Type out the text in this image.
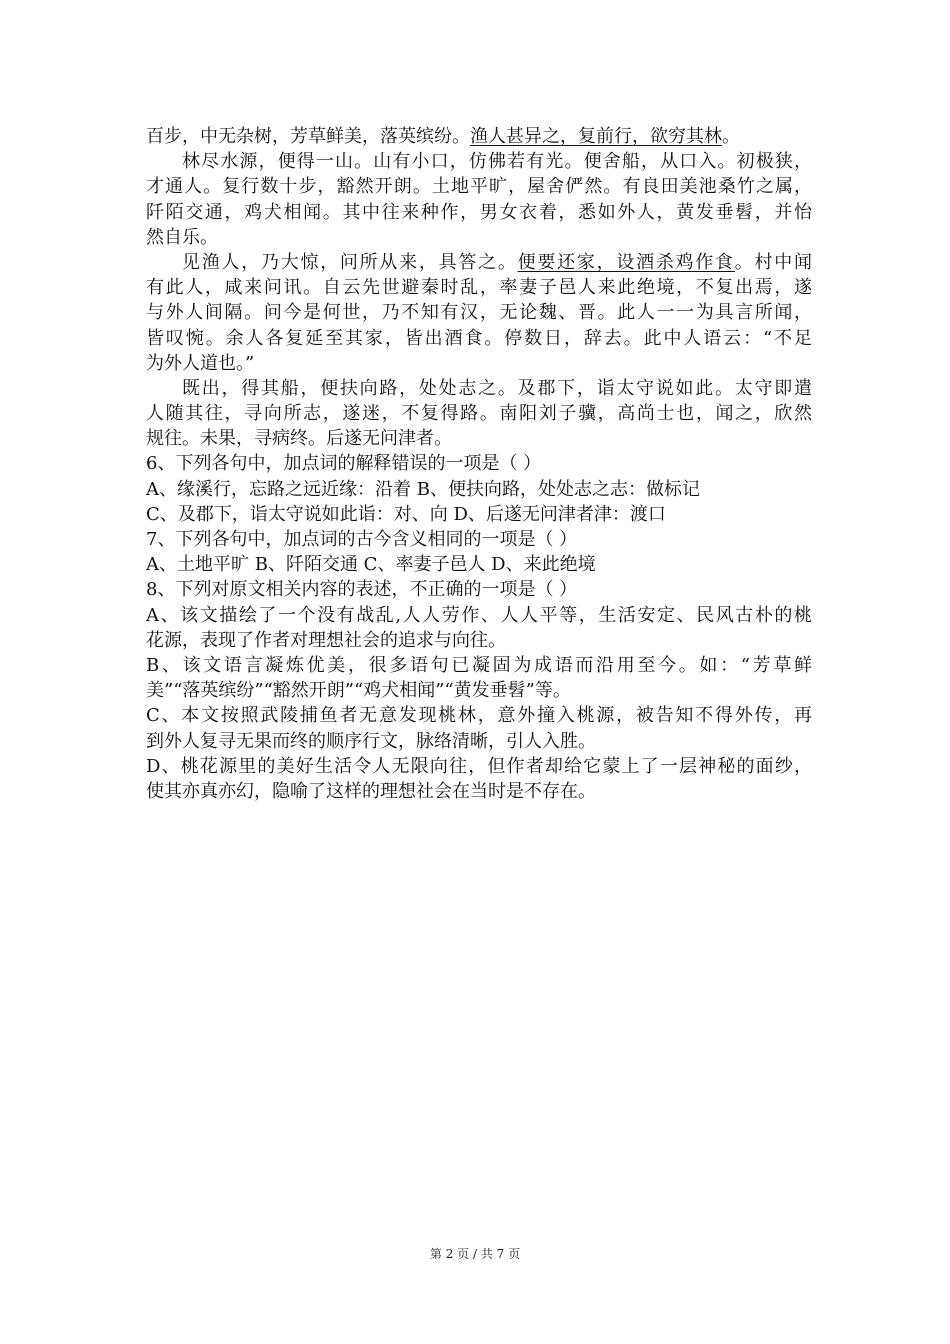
百步，中无杂树，芳草鲜美，落英缤纷。渔人甚异之，复前行，欲穷其林。
林尽水源，便得一山。山有小口，仿佛若有光。便舍船，从口入。初极狭，
才通人。复行数十步，豁然开朗。土地平旷，屋舍俨然。有良田美池桑竹之属，
阡陌交通，鸡犬相闻。其中往来种作，男女衣着，悉如外人，黄发垂髫，并怡
然自乐。
见渔人，乃大惊，问所从来，具答之。便要还家，设酒杀鸡作食。村中闻
有此人，咸来问讯。自云先世避秦时乱，率妻子邑人来此绝境，不复出焉，遂
与外人间隔。问今是何世，乃不知有汉，无论魏、晋。此人一一为具言所闻，
皆叹惋。余人各复延至其家，皆出酒食。停数日，辞去。此中人语云：“不足
为外人道也。”
既出，得其船，便扶向路，处处志之。及郡下，诣太守说如此。太守即遣
人随其往，寻向所志，遂迷，不复得路。南阳刘子骥，高尚士也，闻之，欣然
规往。未果，寻病终。后遂无问津者。
6、下列各句中，加点词的解释错误的一项是（ ）
A、缘溪行，忘路之远近缘：沿着 B、便扶向路，处处志之志：做标记
C、及郡下，诣太守说如此诣：对、向 D、后遂无问津者津：渡口
7、下列各句中，加点词的古今含义相同的一项是（ ）
A、土地平旷 B、阡陌交通 C、率妻子邑人 D、来此绝境
8、下列对原文相关内容的表述，不正确的一项是（ ）
A、该文描绘了一个没有战乱,人人劳作、人人平等，生活安定、民风古朴的桃
花源，表现了作者对理想社会的追求与向往。
B、该文语言凝炼优美，很多语句已凝固为成语而沿用至今。如：“芳草鲜
美”“落英缤纷”“豁然开朗”“鸡犬相闻”“黄发垂髫”等。
C、本文按照武陵捕鱼者无意发现桃林，意外撞入桃源，被告知不得外传，再
到外人复寻无果而终的顺序行文，脉络清晰，引人入胜。
D、桃花源里的美好生活令人无限向往，但作者却给它蒙上了一层神秘的面纱，
使其亦真亦幻，隐喻了这样的理想社会在当时是不存在。
第 2 页 / 共 7 页
